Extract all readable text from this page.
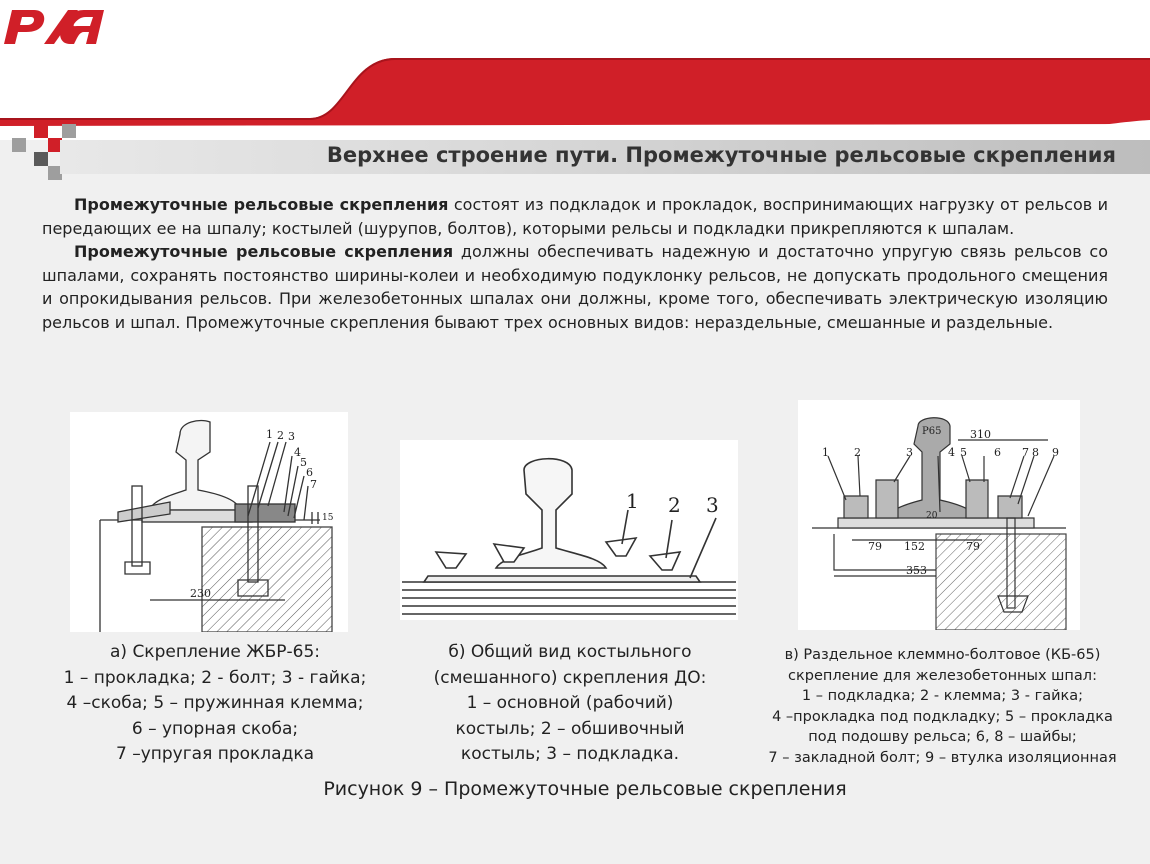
Верхнее строение пути. Промежуточные рельсовые скрепления

Промежуточные рельсовые скрепления состоят из подкладок и прокладок, воспринимающих нагрузку от рельсов и передающих ее на шпалу; костылей (шурупов, болтов), которыми рельсы и подкладки прикрепляются к шпалам.

Промежуточные рельсовые скрепления должны обеспечивать надежную и достаточно упругую связь рельсов со шпалами, сохранять постоянство ширины-колеи и необходимую подуклонку рельсов, не допускать продольного смещения и опрокидывания рельсов. При железобетонных шпалах они должны, кроме того, обеспечивать электрическую изоляцию рельсов и шпал. Промежуточные скрепления бывают трех основных видов: нераздельные, смешанные и раздельные.

1 2 3
4
5
6
7
230
15
1 2 3
1 2	3	4 5 6 7 8 9
Р65	310
79 152
20
79
353
а) Скрепление ЖБР-65:
1 – прокладка; 2 - болт; 3 - гайка;
4 –скоба; 5 – пружинная клемма;
6 – упорная скоба;
7 –упругая прокладка
б) Общий вид костыльного
(смешанного) скрепления ДО:
1 – основной (рабочий)
костыль; 2 – обшивочный
костыль; 3 – подкладка.
в) Раздельное клеммно-болтовое (КБ-65)
скрепление для железобетонных шпал:
1 – подкладка; 2 - клемма; 3 - гайка;
4 –прокладка под подкладку; 5 – прокладка
под подошву рельса; 6, 8 – шайбы;
7 – закладной болт; 9 – втулка изоляционная
Рисунок 9 – Промежуточные рельсовые скрепления
